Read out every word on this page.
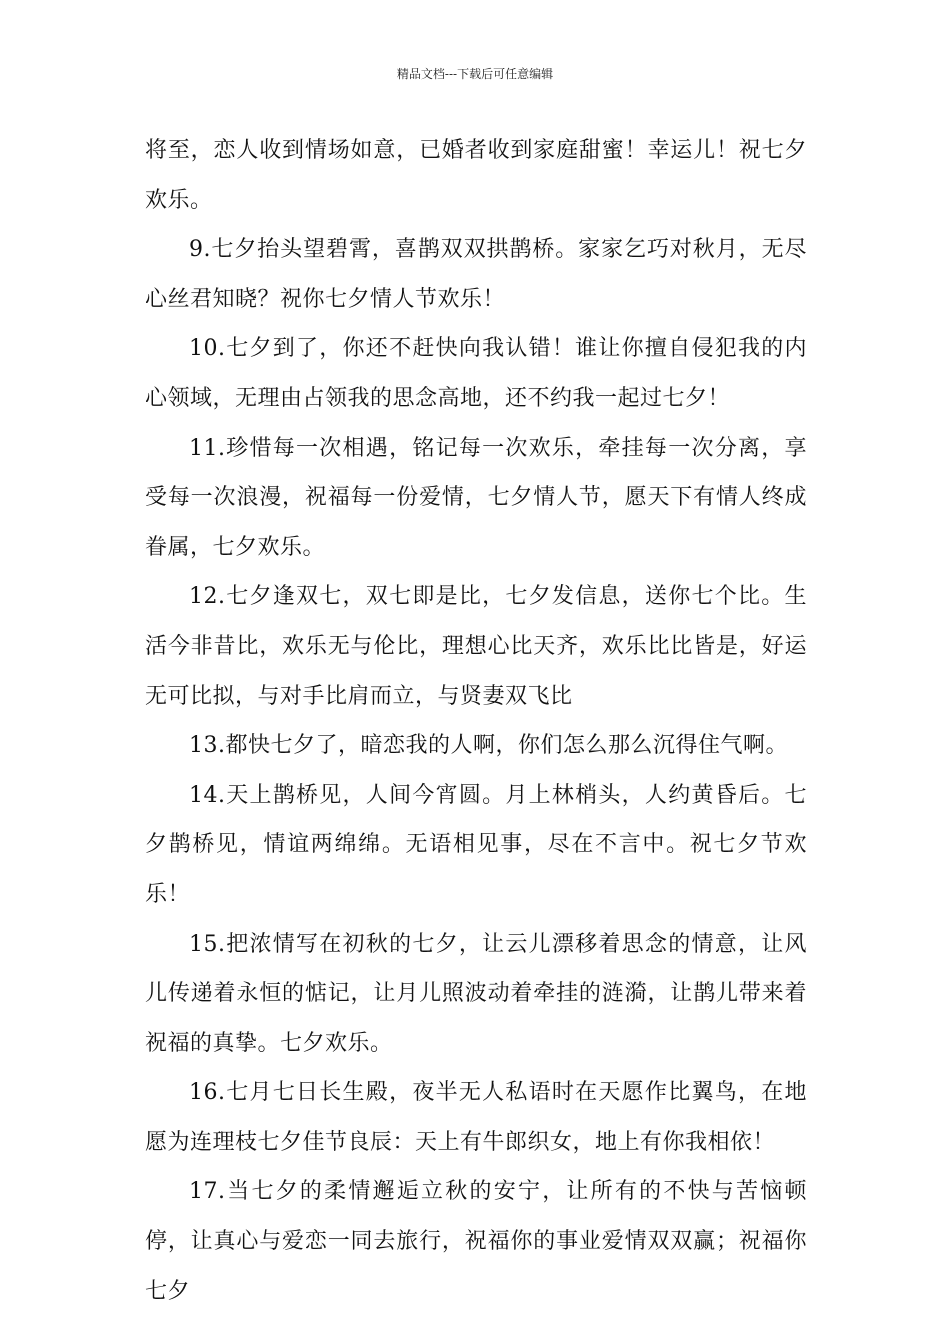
精品文档---下载后可任意编辑

将至，恋人收到情场如意，已婚者收到家庭甜蜜！幸运儿！祝七夕欢乐。

9.七夕抬头望碧霄，喜鹊双双拱鹊桥。家家乞巧对秋月，无尽心丝君知晓？祝你七夕情人节欢乐！

10.七夕到了，你还不赶快向我认错！谁让你擅自侵犯我的内心领域，无理由占领我的思念高地，还不约我一起过七夕！

11.珍惜每一次相遇，铭记每一次欢乐，牵挂每一次分离，享受每一次浪漫，祝福每一份爱情，七夕情人节，愿天下有情人终成眷属，七夕欢乐。

12.七夕逢双七，双七即是比，七夕发信息，送你七个比。生活今非昔比，欢乐无与伦比，理想心比天齐，欢乐比比皆是，好运无可比拟，与对手比肩而立，与贤妻双飞比

13.都快七夕了，暗恋我的人啊，你们怎么那么沉得住气啊。

14.天上鹊桥见，人间今宵圆。月上林梢头，人约黄昏后。七夕鹊桥见，情谊两绵绵。无语相见事，尽在不言中。祝七夕节欢乐！

15.把浓情写在初秋的七夕，让云儿漂移着思念的情意，让风儿传递着永恒的惦记，让月儿照波动着牵挂的涟漪，让鹊儿带来着祝福的真挚。七夕欢乐。

16.七月七日长生殿，夜半无人私语时在天愿作比翼鸟，在地愿为连理枝七夕佳节良辰：天上有牛郎织女，地上有你我相依！

17.当七夕的柔情邂逅立秋的安宁，让所有的不快与苦恼顿停，让真心与爱恋一同去旅行，祝福你的事业爱情双双赢；祝福你七夕
